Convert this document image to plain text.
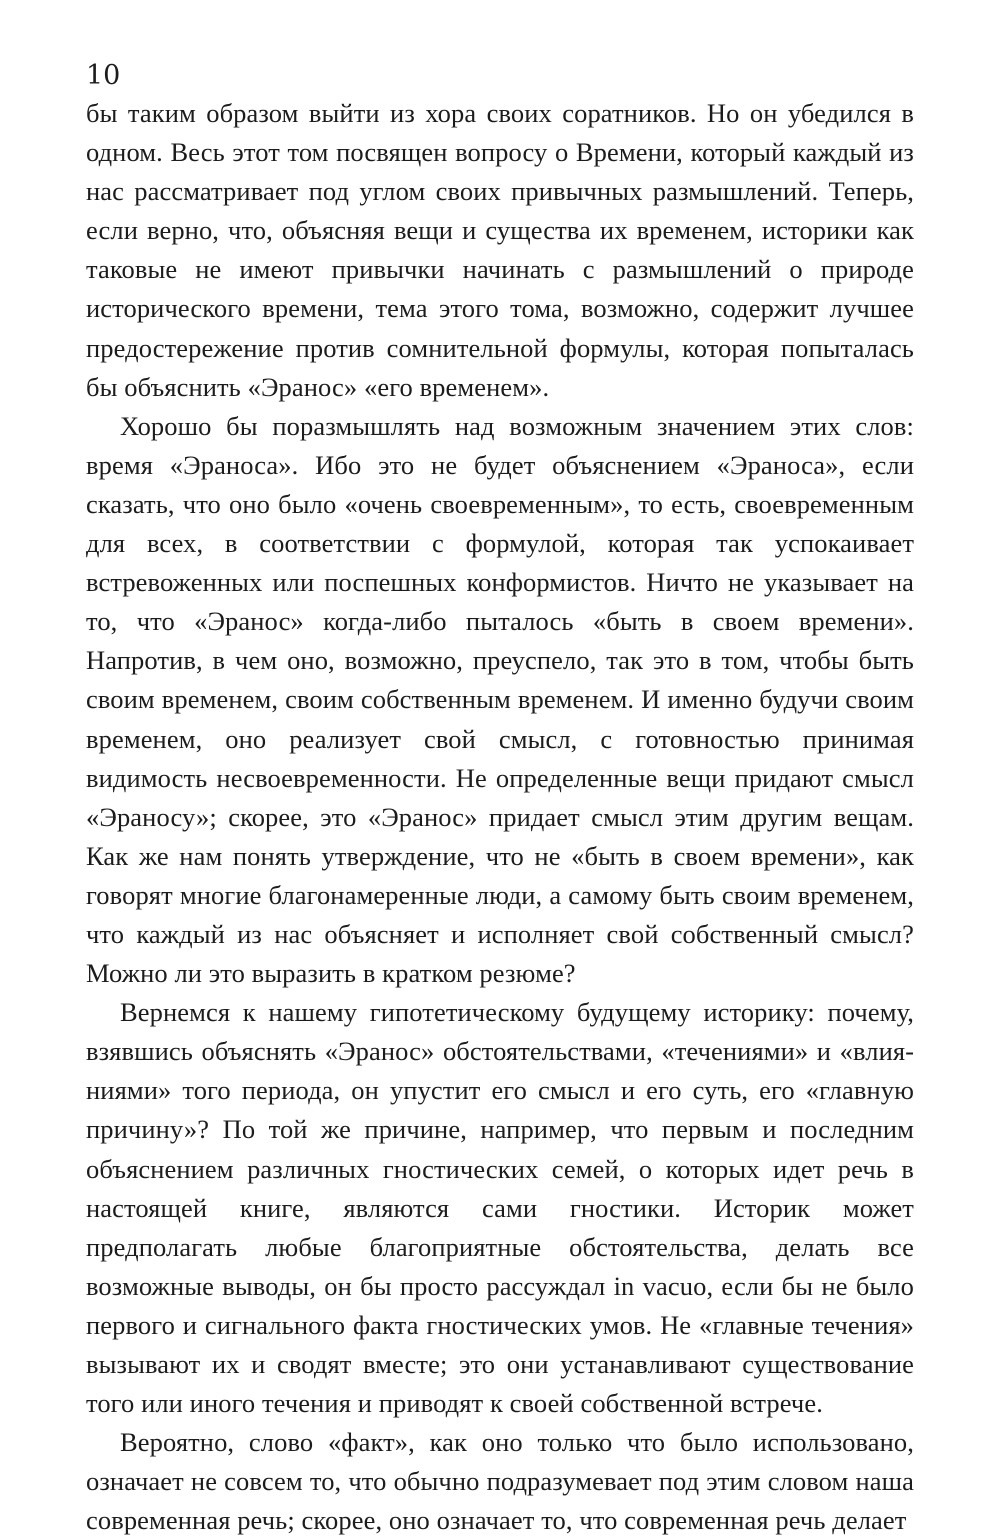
10

бы таким образом выйти из хора своих соратников. Но он убедился в одном. Весь этот том посвящен вопросу о Времени, который каждый из нас рассматривает под углом своих привычных размышлений. Теперь, если верно, что, объясняя вещи и существа их временем, историки как таковые не имеют привычки начинать с размышлений о природе исторического времени, тема этого тома, возможно, содержит лучшее предостережение против сомнительной формулы, которая попыталась бы объяснить «Эранос» «его временем».

Хорошо бы поразмышлять над возможным значением этих слов: время «Эраноса». Ибо это не будет объяснением «Эраноса», если сказать, что оно было «очень своевременным», то есть, своевременным для всех, в соответствии с формулой, которая так успокаивает встревоженных или поспешных конформистов. Ничто не указывает на то, что «Эранос» когда-либо пыталось «быть в своем времени». Напротив, в чем оно, возможно, преуспело, так это в том, чтобы быть своим временем, своим собственным временем. И именно будучи своим временем, оно реализует свой смысл, с готовностью принимая видимость несвоевременности. Не определенные вещи придают смысл «Эраносу»; скорее, это «Эранос» придает смысл этим другим вещам. Как же нам понять утверждение, что не «быть в своем времени», как говорят многие благонамеренные люди, а самому быть своим временем, что каждый из нас объясняет и исполняет свой собственный смысл? Можно ли это выразить в кратком резюме?

Вернемся к нашему гипотетическому будущему историку: почему, взявшись объяснять «Эранос» обстоятельствами, «течениями» и «влияниями» того периода, он упустит его смысл и его суть, его «главную причину»? По той же причине, например, что первым и последним объяснением различных гностических семей, о которых идет речь в настоящей книге, являются сами гностики. Историк может предполагать любые благоприятные обстоятельства, делать все возможные выводы, он бы просто рассуждал in vacuo, если бы не было первого и сигнального факта гностических умов. Не «главные течения» вызывают их и сводят вместе; это они устанавливают существование того или иного течения и приводят к своей собственной встрече.

Вероятно, слово «факт», как оно только что было использовано, означает не совсем то, что обычно подразумевает под этим словом наша современная речь; скорее, оно означает то, что современная речь делает
